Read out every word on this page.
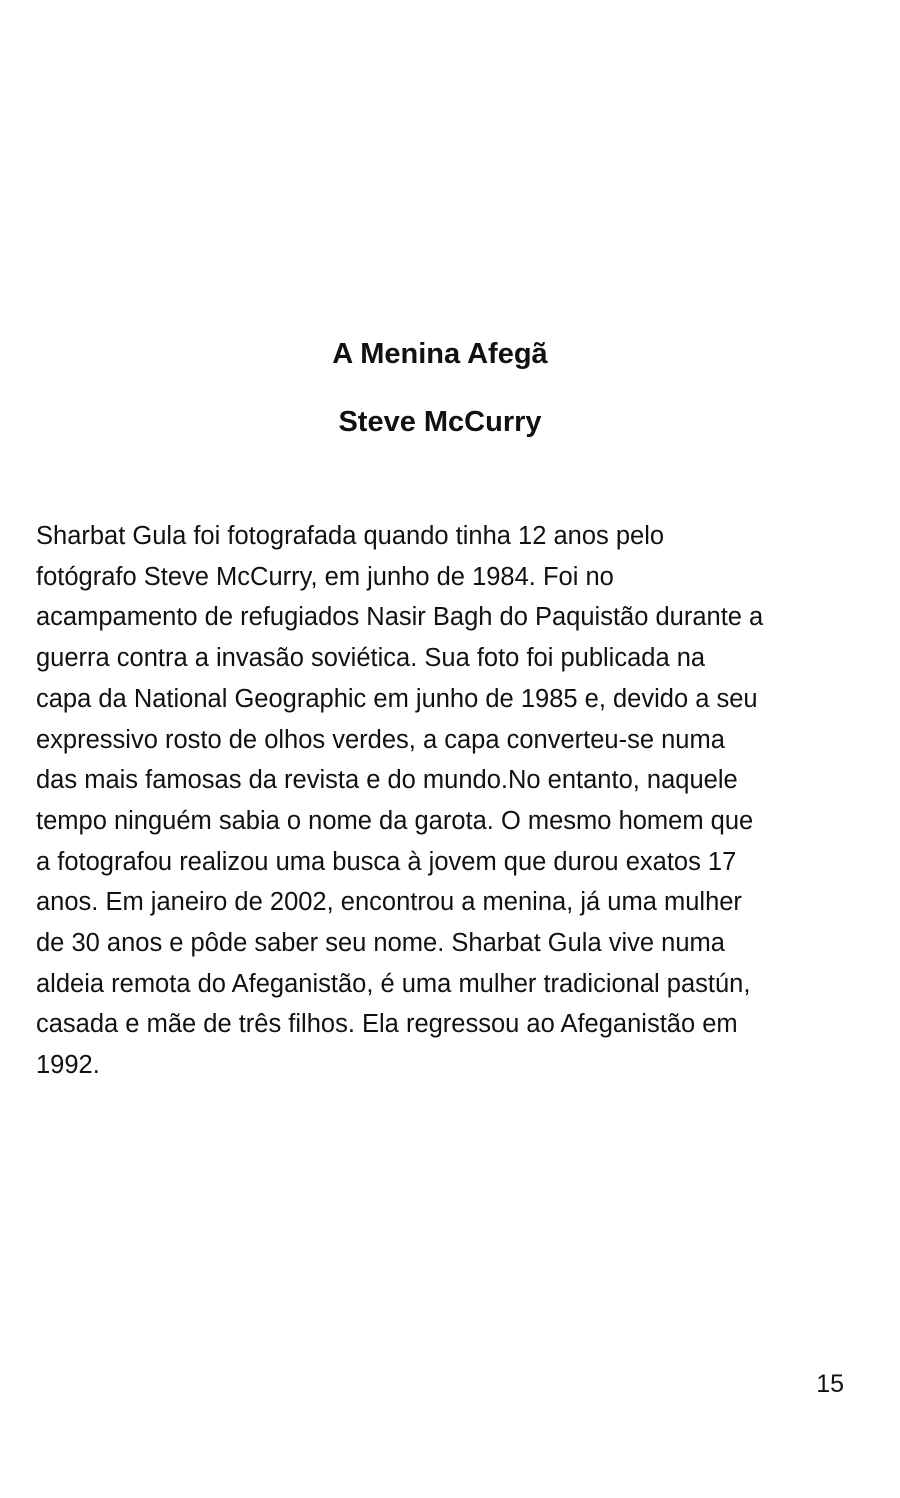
A Menina Afegã
Steve McCurry
Sharbat Gula foi fotografada quando tinha 12 anos pelo
fotógrafo Steve McCurry, em junho de 1984. Foi no
acampamento de refugiados Nasir Bagh do Paquistão durante a
guerra contra a invasão soviética. Sua foto foi publicada na
capa da National Geographic em junho de 1985 e, devido a seu
expressivo rosto de olhos verdes, a capa converteu-se numa
das mais famosas da revista e do mundo.No entanto, naquele
tempo ninguém sabia o nome da garota. O mesmo homem que
a fotografou realizou uma busca à jovem que durou exatos 17
anos. Em janeiro de 2002, encontrou a menina, já uma mulher
de 30 anos e pôde saber seu nome. Sharbat Gula vive numa
aldeia remota do Afeganistão, é uma mulher tradicional pastún,
casada e mãe de três filhos. Ela regressou ao Afeganistão em
1992.
15
